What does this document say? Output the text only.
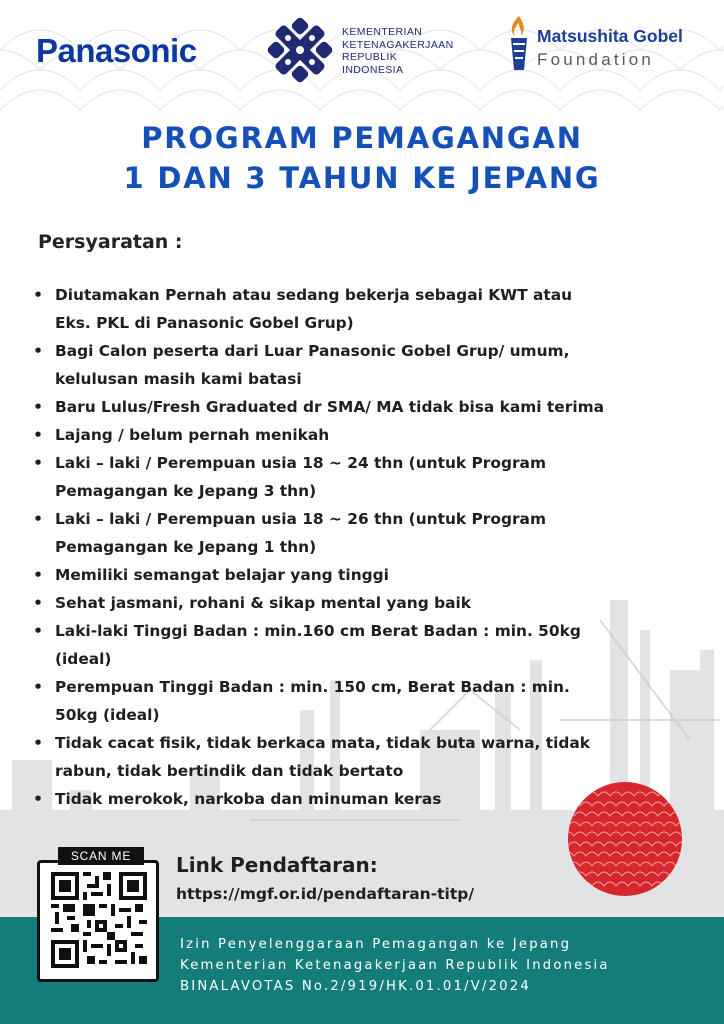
Panasonic	KEMENTERIAN
KETENAGAKERJAAN
REPUBLIK
INDONESIA
Matsushita Gobel
Foundation
PROGRAM PEMAGANGAN
1 DAN 3 TAHUN KE JEPANG
Persyaratan :
• Diutamakan Pernah atau sedang bekerja sebagai KWT atau
Eks. PKL di Panasonic Gobel Grup)
• Bagi Calon peserta dari Luar Panasonic Gobel Grup/ umum,
kelulusan masih kami batasi
• Baru Lulus/Fresh Graduated dr SMA/ MA tidak bisa kami terima
• Lajang / belum pernah menikah
• Laki – laki / Perempuan usia 18 ~ 24 thn (untuk Program
Pemagangan ke Jepang 3 thn)
• Laki – laki / Perempuan usia 18 ~ 26 thn (untuk Program
Pemagangan ke Jepang 1 thn)
• Memiliki semangat belajar yang tinggi
• Sehat jasmani, rohani & sikap mental yang baik
• Laki-laki Tinggi Badan : min.160 cm Berat Badan : min. 50kg
(ideal)
• Perempuan Tinggi Badan : min. 150 cm, Berat Badan : min.
50kg (ideal)
• Tidak cacat fisik, tidak berkaca mata, tidak buta warna, tidak
rabun, tidak bertindik dan tidak bertato
• Tidak merokok, narkoba dan minuman keras
Izin Penyelenggaraan Pemagangan ke Jepang
Kementerian Ketenagakerjaan Republik Indonesia
BINALAVOTAS No.2/919/HK.01.01/V/2024
SCAN ME	Link Pendaftaran:
https://mgf.or.id/pendaftaran-titp/
